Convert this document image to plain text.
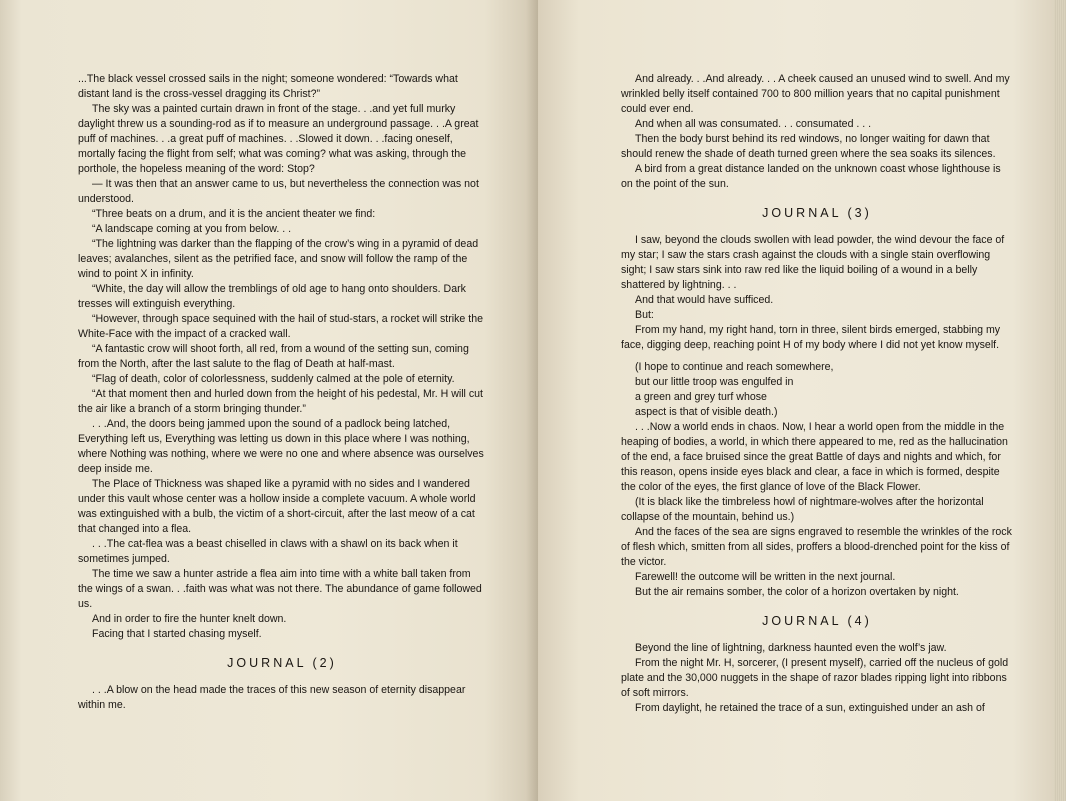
...The black vessel crossed sails in the night; someone wondered: “Towards what distant land is the cross-vessel dragging its Christ?”

The sky was a painted curtain drawn in front of the stage. . .and yet full murky daylight threw us a sounding-rod as if to measure an underground passage. . .A great puff of machines. . .a great puff of machines. . .Slowed it down. . .facing oneself, mortally facing the flight from self; what was coming? what was asking, through the porthole, the hopeless meaning of the word: Stop?

— It was then that an answer came to us, but nevertheless the connection was not understood.

“Three beats on a drum, and it is the ancient theater we find:

“A landscape coming at you from below. . .

“The lightning was darker than the flapping of the crow’s wing in a pyramid of dead leaves; avalanches, silent as the petrified face, and snow will follow the ramp of the wind to point X in infinity.

“White, the day will allow the tremblings of old age to hang onto shoulders. Dark tresses will extinguish everything.

“However, through space sequined with the hail of stud-stars, a rocket will strike the White-Face with the impact of a cracked wall.

“A fantastic crow will shoot forth, all red, from a wound of the setting sun, coming from the North, after the last salute to the flag of Death at half-mast.

“Flag of death, color of colorlessness, suddenly calmed at the pole of eternity.

“At that moment then and hurled down from the height of his pedestal, Mr. H will cut the air like a branch of a storm bringing thunder.”

. . .And, the doors being jammed upon the sound of a padlock being latched, Everything left us, Everything was letting us down in this place where I was nothing, where Nothing was nothing, where we were no one and where absence was ourselves deep inside me.

The Place of Thickness was shaped like a pyramid with no sides and I wandered under this vault whose center was a hollow inside a complete vacuum. A whole world was extinguished with a bulb, the victim of a short-circuit, after the last meow of a cat that changed into a flea.

. . .The cat-flea was a beast chiselled in claws with a shawl on its back when it sometimes jumped.

The time we saw a hunter astride a flea aim into time with a white ball taken from the wings of a swan. . .faith was what was not there. The abundance of game followed us.

And in order to fire the hunter knelt down.

Facing that I started chasing myself.

JOURNAL (2)

. . .A blow on the head made the traces of this new season of eternity disappear within me.

And already. . .And already. . . A cheek caused an unused wind to swell. And my wrinkled belly itself contained 700 to 800 million years that no capital punishment could ever end.

And when all was consumated. . . consumated . . .

Then the body burst behind its red windows, no longer waiting for dawn that should renew the shade of death turned green where the sea soaks its silences.

A bird from a great distance landed on the unknown coast whose lighthouse is on the point of the sun.

JOURNAL (3)

I saw, beyond the clouds swollen with lead powder, the wind devour the face of my star; I saw the stars crash against the clouds with a single stain overflowing sight; I saw stars sink into raw red like the liquid boiling of a wound in a belly shattered by lightning. . .

And that would have sufficed.

But:

From my hand, my right hand, torn in three, silent birds emerged, stabbing my face, digging deep, reaching point H of my body where I did not yet know myself.

(I hope to continue and reach somewhere,

but our little troop was engulfed in

a green and grey turf whose

aspect is that of visible death.)

. . .Now a world ends in chaos. Now, I hear a world open from the middle in the heaping of bodies, a world, in which there appeared to me, red as the hallucination of the end, a face bruised since the great Battle of days and nights and which, for this reason, opens inside eyes black and clear, a face in which is formed, despite the color of the eyes, the first glance of love of the Black Flower.

(It is black like the timbreless howl of nightmare-wolves after the horizontal collapse of the mountain, behind us.)

And the faces of the sea are signs engraved to resemble the wrinkles of the rock of flesh which, smitten from all sides, proffers a blood-drenched point for the kiss of the victor.

Farewell! the outcome will be written in the next journal.

But the air remains somber, the color of a horizon overtaken by night.

JOURNAL (4)

Beyond the line of lightning, darkness haunted even the wolf’s jaw.

From the night Mr. H, sorcerer, (I present myself), carried off the nucleus of gold plate and the 30,000 nuggets in the shape of razor blades ripping light into ribbons of soft mirrors.

From daylight, he retained the trace of a sun, extinguished under an ash of
